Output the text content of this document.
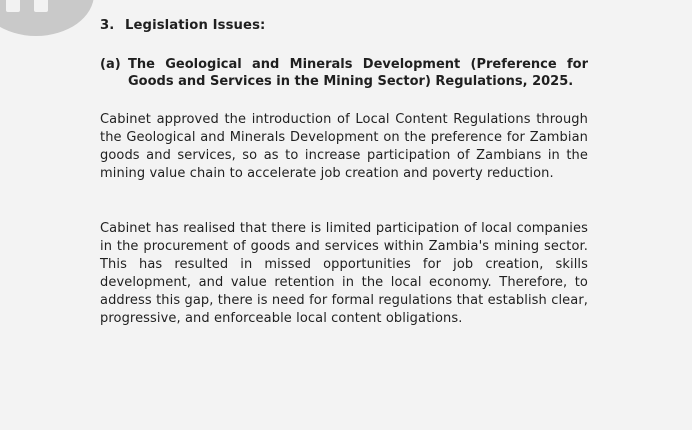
3. Legislation Issues:
(a) The Geological and Minerals Development (Preference for Goods and Services in the Mining Sector) Regulations, 2025.
Cabinet approved the introduction of Local Content Regulations through the Geological and Minerals Development on the preference for Zambian goods and services, so as to increase participation of Zambians in the mining value chain to accelerate job creation and poverty reduction.
Cabinet has realised that there is limited participation of local companies in the procurement of goods and services within Zambia's mining sector. This has resulted in missed opportunities for job creation, skills development, and value retention in the local economy. Therefore, to address this gap, there is need for formal regulations that establish clear, progressive, and enforceable local content obligations.
